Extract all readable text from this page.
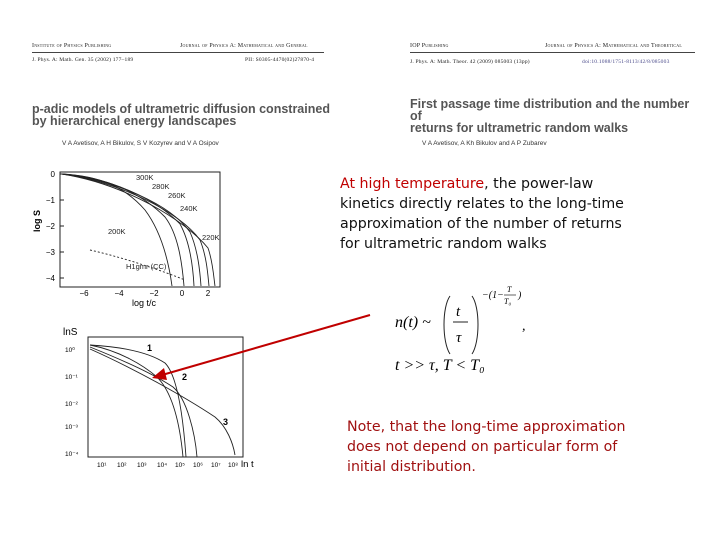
Institute of Physics Publishing	Journal of Physics A: Mathematical and General
J. Phys. A: Math. Gen. 35 (2002) 177–189	PII: S0305-4470(02)27870-4
p-adic models of ultrametric diffusion constrained
by hierarchical energy landscapes
V A Avetisov, A H Bikulov, S V Kozyrev and V A Osipov
IOP Publishing	Journal of Physics A: Mathematical and Theoretical
J. Phys. A: Math. Theor. 42 (2009) 085003 (13pp)	doi:10.1088/1751-8113/42/8/085003
First passage time distribution and the number of
returns for ultrametric random walks
V A Avetisov, A Kh Bikulov and A P Zubarev
0
−1
−2
−3
−4
−6	−4	−2	0	2
log S
log t/c
300K
280K
260K
240K
220K
200K
H1gmr (CC)
lnS
10⁰
10⁻¹
10⁻²
10⁻³
10⁻⁴
10¹ 10² 10³ 10⁴ 10⁵ 10⁶ 10⁷ 10⁸ ln t
1
2
3
At high temperature, the power-law
kinetics directly relates to the long-time
approximation of the number of returns
for ultrametric random walks
n(t) ~
t
τ
−(1−
T
T₀
)
,
t >> τ, T < T₀
Note, that the long-time approximation
does not depend on particular form of
initial distribution.
